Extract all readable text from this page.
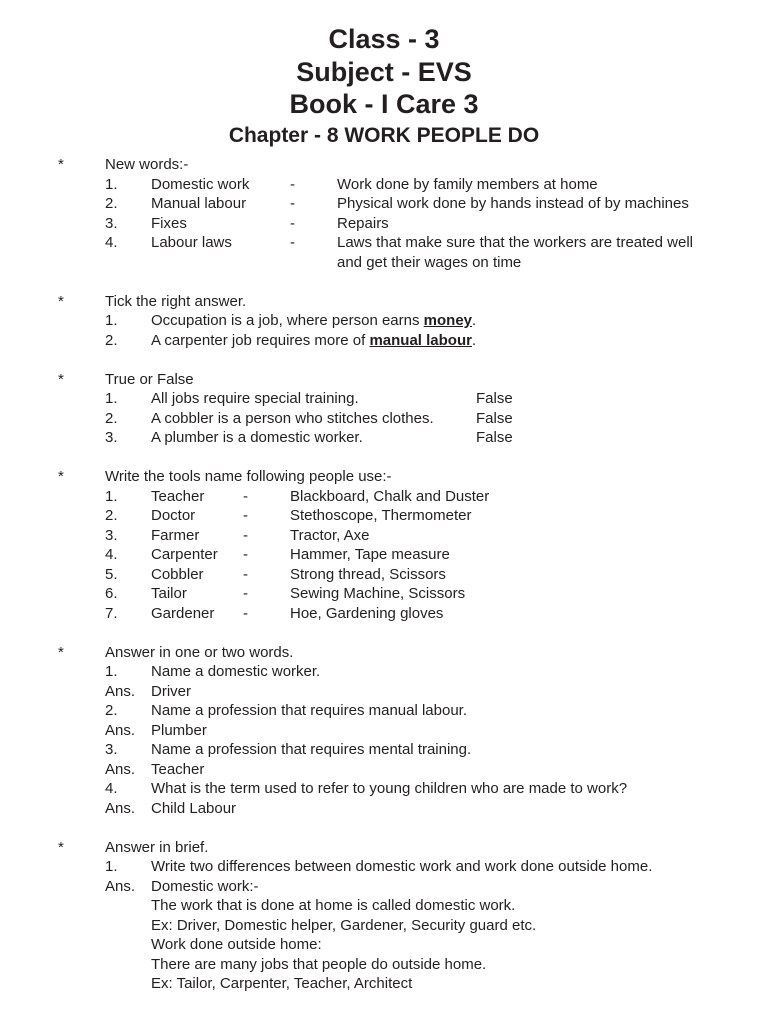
Class - 3
Subject - EVS
Book - I Care 3
Chapter - 8 WORK PEOPLE DO
*	New words:-
1. Domestic work	-	Work done by family members at home
2. Manual labour	-	Physical work done by hands instead of by machines
3. Fixes	-	Repairs
4. Labour laws	-	Laws that make sure that the workers are treated well
and get their wages on time
*	Tick the right answer.
1. Occupation is a job, where person earns money.
2. A carpenter job requires more of manual labour.
*	True or False
1. All jobs require special training.	False
2. A cobbler is a person who stitches clothes.	False
3. A plumber is a domestic worker.	False
*	Write the tools name following people use:-
1. Teacher	-	Blackboard, Chalk and Duster
2. Doctor	-	Stethoscope, Thermometer
3. Farmer	-	Tractor, Axe
4. Carpenter -	Hammer, Tape measure
5. Cobbler	-	Strong thread, Scissors
6. Tailor	-	Sewing Machine, Scissors
7. Gardener -	Hoe, Gardening gloves
*	Answer in one or two words.
1. Name a domestic worker.
Ans. Driver
2. Name a profession that requires manual labour.
Ans. Plumber
3. Name a profession that requires mental training.
Ans. Teacher
4. What is the term used to refer to young children who are made to work?
Ans. Child Labour
*	Answer in brief.
1. Write two differences between domestic work and work done outside home.
Ans. Domestic work:-
The work that is done at home is called domestic work.
Ex: Driver, Domestic helper, Gardener, Security guard etc.
Work done outside home:
There are many jobs that people do outside home.
Ex: Tailor, Carpenter, Teacher, Architect
